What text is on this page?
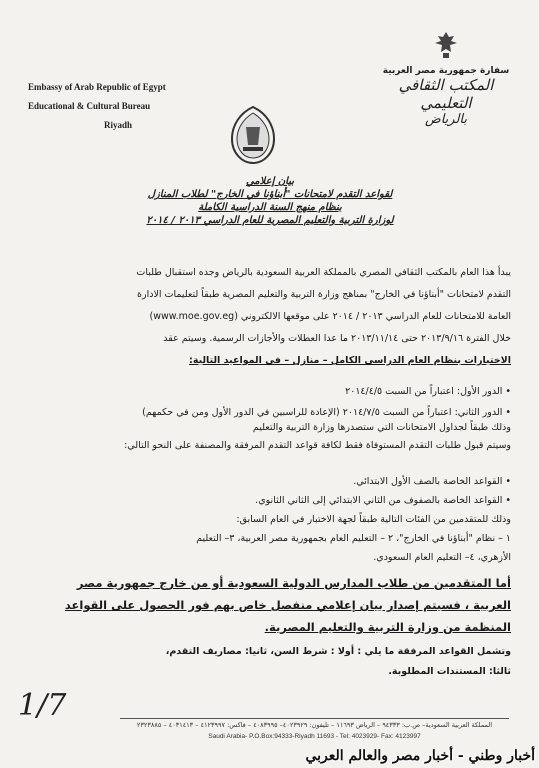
Embassy of Arab Republic of Egypt
Educational & Cultural Bureau
Riyadh
سفارة جمهورية مصر العربية
المكتب الثقافي التعليمي
بالرياض
بيان إعلامي
لقواعد التقدم لامتحانات "أبناؤنا في الخارج" لطلاب المنازل
بنظام منهج السنة الدراسية الكاملة
لوزارة التربية والتعليم المصرية للعام الدراسي ٢٠١٣ / ٢٠١٤
يبدأ هذا العام بالمكتب الثقافي المصري بالمملكة العربية السعودية بالرياض وجده استقبال طلبات
التقدم لامتحانات "أبناؤنا في الخارج" بمناهج وزارة التربية والتعليم المصرية طبقاً لتعليمات الادارة
العامة للامتحانات للعام الدراسي ٢٠١٣ / ٢٠١٤ على موقعها الالكتروني (www.moe.gov.eg)
خلال الفترة ٢٠١٣/٩/١٦ حتى ٢٠١٣/١١/١٤ ما عدا العطلات والأجازات الرسمية. وسيتم عقد
الاختبارات بنظام العام الدراسي الكامل – منازل – في المواعيد التالية:
• الدور الأول: اعتباراً من السبت ٢٠١٤/٤/٥
• الدور الثاني: اعتباراً من السبت ٢٠١٤/٧/٥ (الإعادة للراسبين في الدور الأول ومن في حكمهم)
وذلك طبقاً لجداول الامتحانات التي ستصدرها وزارة التربية والتعليم
وسيتم قبول طلبات التقدم المستوفاة فقط لكافة قواعد التقدم المرفقة والمصنفة على النحو التالي:
• القواعد الخاصة بالصف الأول الابتدائي.
• القواعد الخاصة بالصفوف من الثاني الابتدائي إلى الثاني الثانوي.
وذلك للمتقدمين من الفئات التالية طبقاً لجهة الاختبار في العام السابق:
١ – نظام "أبناؤنا في الخارج"، ٢ – التعليم العام بجمهورية مصر العربية، ٣– التعليم
الأزهري، ٤– التعليم العام السعودي.
أما المتقدمين من طلاب المدارس الدولية السعودية أو من خارج جمهورية مصر
العربية ، فسيتم إصدار بيان إعلامي منفصل خاص بهم فور الحصول على القواعد
المنظمة من وزارة التربية والتعليم المصرية.
وتشمل القواعد المرفقة ما يلي : أولا : شرط السن، ثانيا: مصاريف التقدم،
ثالثا: المستندات المطلوبة.
1/7
المملكة العربية السعودية– ص.ب: ٩٤٣٣٣ – الرياض ١١٦٩٣ – تليفون: ٤٠٢٣٩٢٩– ٤٠٨٣٩٩٥ – فاكس: ٤١٢٣٩٩٧ – ٤٠٣١٤١٣ – ٢٣٢٣٨٨٥
Saudi Arabia- P.O.Box:94333-Riyadh 11693 - Tel: 4023929- Fax: 4123997
أخبار وطني - أخبار مصر والعالم العربي
